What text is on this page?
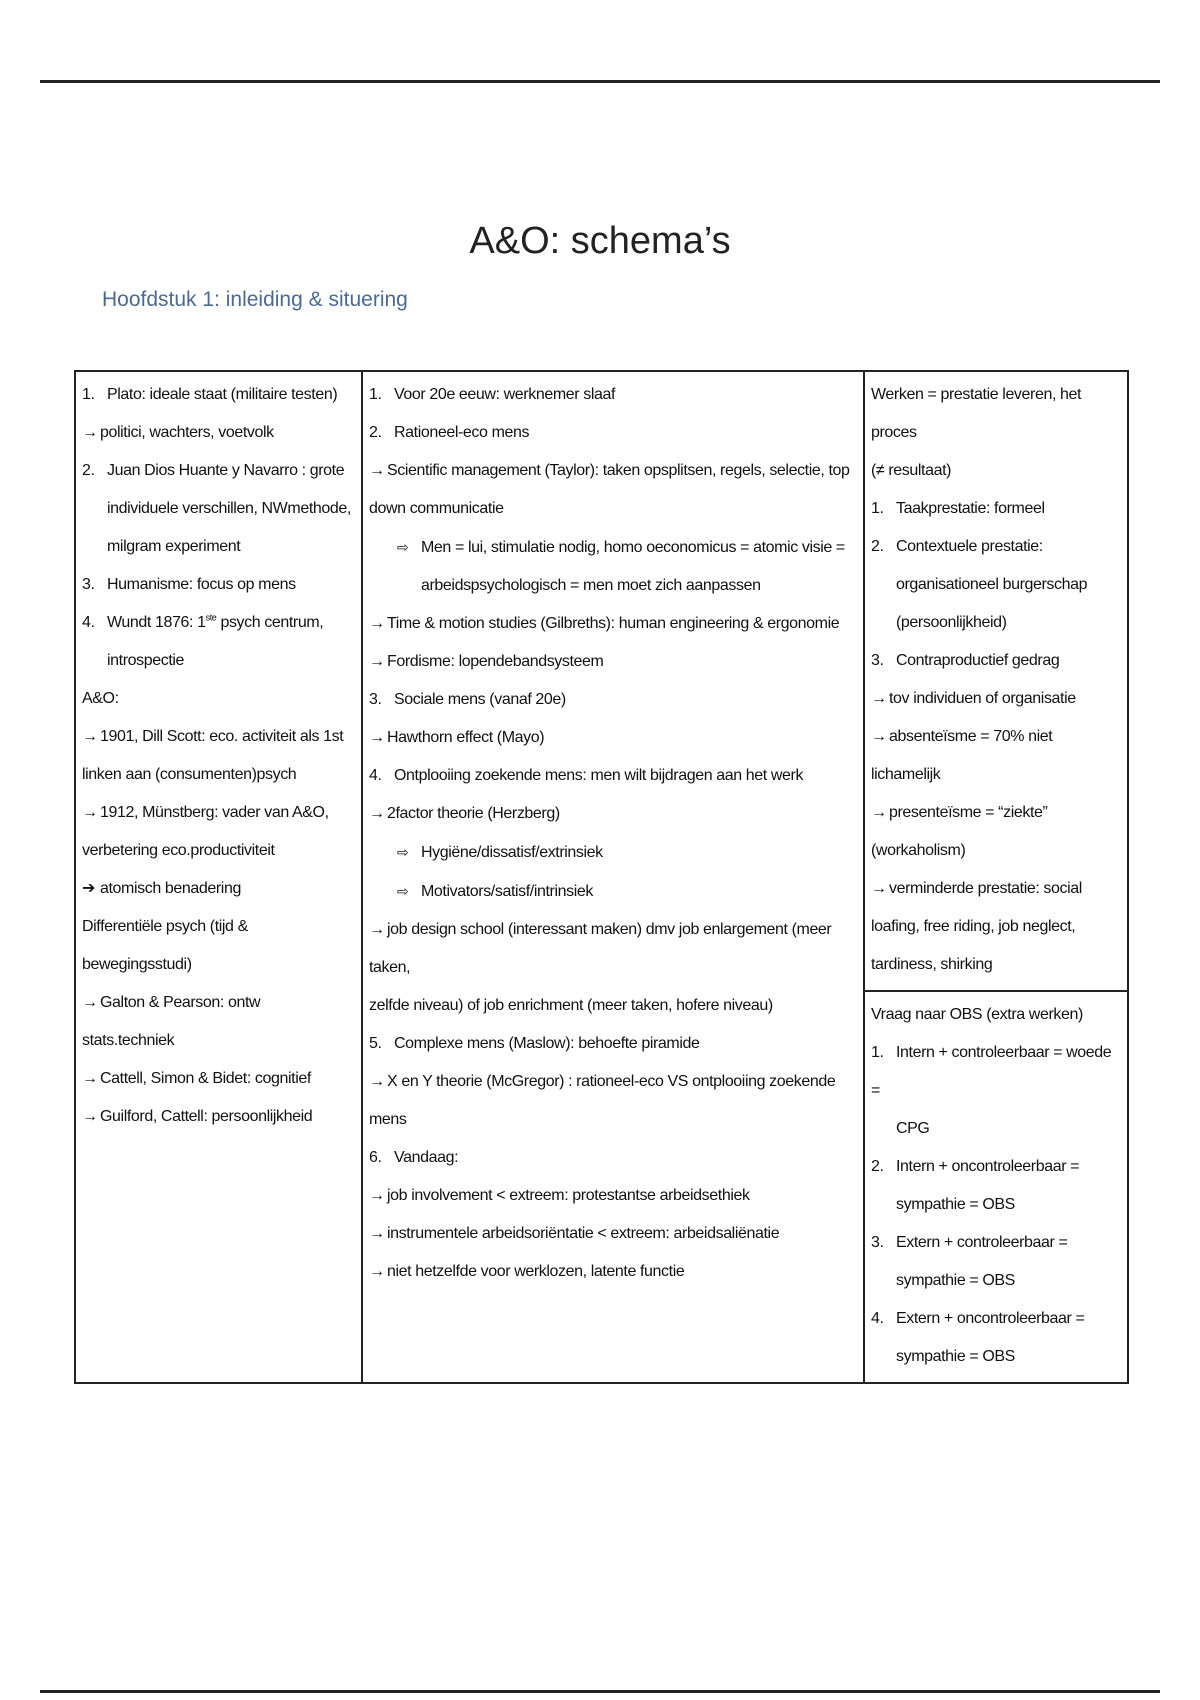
A&O: schema’s
Hoofdstuk 1: inleiding & situering
1. Plato: ideale staat (militaire testen)
→ politici, wachters, voetvolk
2. Juan Dios Huante y Navarro : grote
individuele verschillen, NWmethode,
milgram experiment
3. Humanisme: focus op mens
4. Wundt 1876: 1ste psych centrum,
introspectie
A&O:
→ 1901, Dill Scott: eco. activiteit als 1st
linken aan (consumenten)psych
→ 1912, Münstberg: vader van A&O,
verbetering eco.productiviteit
➔ atomisch benadering
Differentiële psych (tijd & bewegingsstudi)
→ Galton & Pearson: ontw stats.techniek
→ Cattell, Simon & Bidet: cognitief
→ Guilford, Cattell: persoonlijkheid

1. Voor 20e eeuw: werknemer slaaf
2. Rationeel-eco mens
→ Scientific management (Taylor): taken opsplitsen, regels, selectie, top
down communicatie
⇨ Men = lui, stimulatie nodig, homo oeconomicus = atomic visie =
arbeidspsychologisch = men moet zich aanpassen
→ Time & motion studies (Gilbreths): human engineering & ergonomie
→ Fordisme: lopendebandsysteem
3. Sociale mens (vanaf 20e)
→ Hawthorn effect (Mayo)
4. Ontplooiing zoekende mens: men wilt bijdragen aan het werk
→ 2factor theorie (Herzberg)
⇨ Hygiëne/dissatisf/extrinsiek
⇨ Motivators/satisf/intrinsiek
→ job design school (interessant maken) dmv job enlargement (meer taken,
zelfde niveau) of job enrichment (meer taken, hofere niveau)
5. Complexe mens (Maslow): behoefte piramide
→ X en Y theorie (McGregor) : rationeel-eco VS ontplooiing zoekende mens
6. Vandaag:
→ job involvement < extreem: protestantse arbeidsethiek
→ instrumentele arbeidsoriëntatie < extreem: arbeidsaliënatie
→ niet hetzelfde voor werklozen, latente functie

Werken = prestatie leveren, het proces
(≠ resultaat)
1. Taakprestatie: formeel
2. Contextuele prestatie:
organisationeel burgerschap
(persoonlijkheid)
3. Contraproductief gedrag
→ tov individuen of organisatie
→ absenteïsme = 70% niet lichamelijk
→ presenteïsme = “ziekte”
(workaholism)
→ verminderde prestatie: social
loafing, free riding, job neglect,
tardiness, shirking

Vraag naar OBS (extra werken)
1. Intern + controleerbaar = woede =
CPG
2. Intern + oncontroleerbaar =
sympathie = OBS
3. Extern + controleerbaar =
sympathie = OBS
4. Extern + oncontroleerbaar =
sympathie = OBS
